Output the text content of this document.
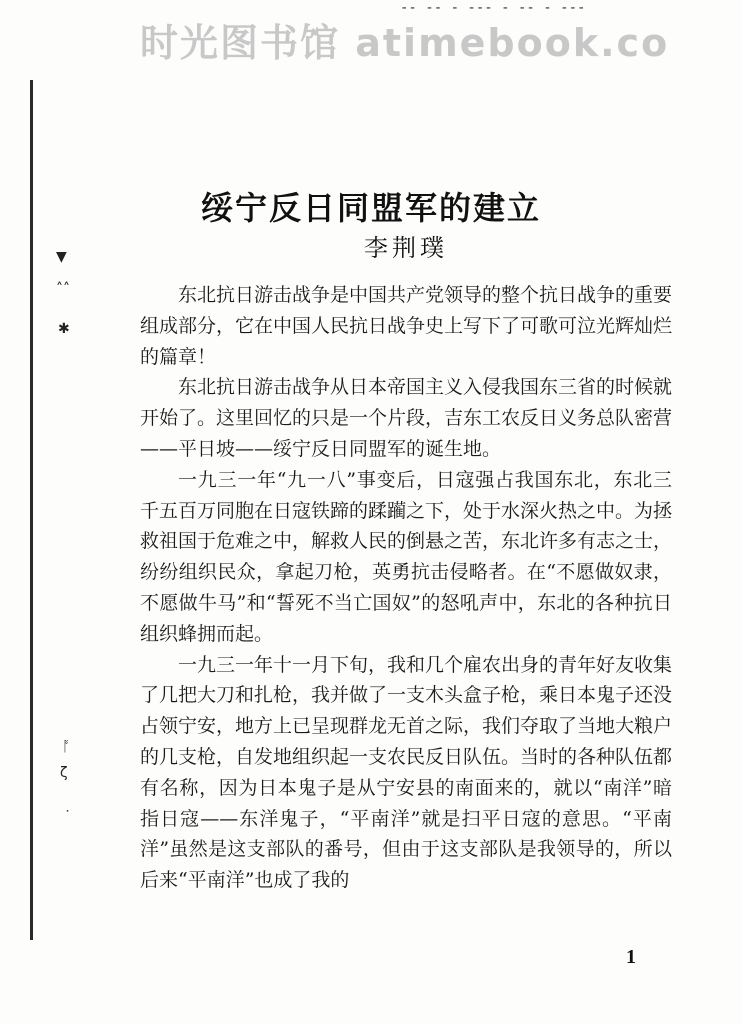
时光图书馆 atimebook.co
-- -- - --- - -- - ---
▼
˄˄
✱
ᚩ
ζ
˙
绥宁反日同盟军的建立
李荆璞

东北抗日游击战争是中国共产党领导的整个抗日战争的重要组成部分，它在中国人民抗日战争史上写下了可歌可泣光辉灿烂的篇章！

东北抗日游击战争从日本帝国主义入侵我国东三省的时候就开始了。这里回忆的只是一个片段，吉东工农反日义务总队密营——平日坡——绥宁反日同盟军的诞生地。

一九三一年“九一八”事变后，日寇强占我国东北，东北三千五百万同胞在日寇铁蹄的蹂躏之下，处于水深火热之中。为拯救祖国于危难之中，解救人民的倒悬之苦，东北许多有志之士，纷纷组织民众，拿起刀枪，英勇抗击侵略者。在“不愿做奴隶，不愿做牛马”和“誓死不当亡国奴”的怒吼声中，东北的各种抗日组织蜂拥而起。

一九三一年十一月下旬，我和几个雇农出身的青年好友收集了几把大刀和扎枪，我并做了一支木头盒子枪，乘日本鬼子还没占领宁安，地方上已呈现群龙无首之际，我们夺取了当地大粮户的几支枪，自发地组织起一支农民反日队伍。当时的各种队伍都有名称，因为日本鬼子是从宁安县的南面来的，就以“南洋”暗指日寇——东洋鬼子，“平南洋”就是扫平日寇的意思。“平南洋”虽然是这支部队的番号，但由于这支部队是我领导的，所以后来“平南洋”也成了我的

1
